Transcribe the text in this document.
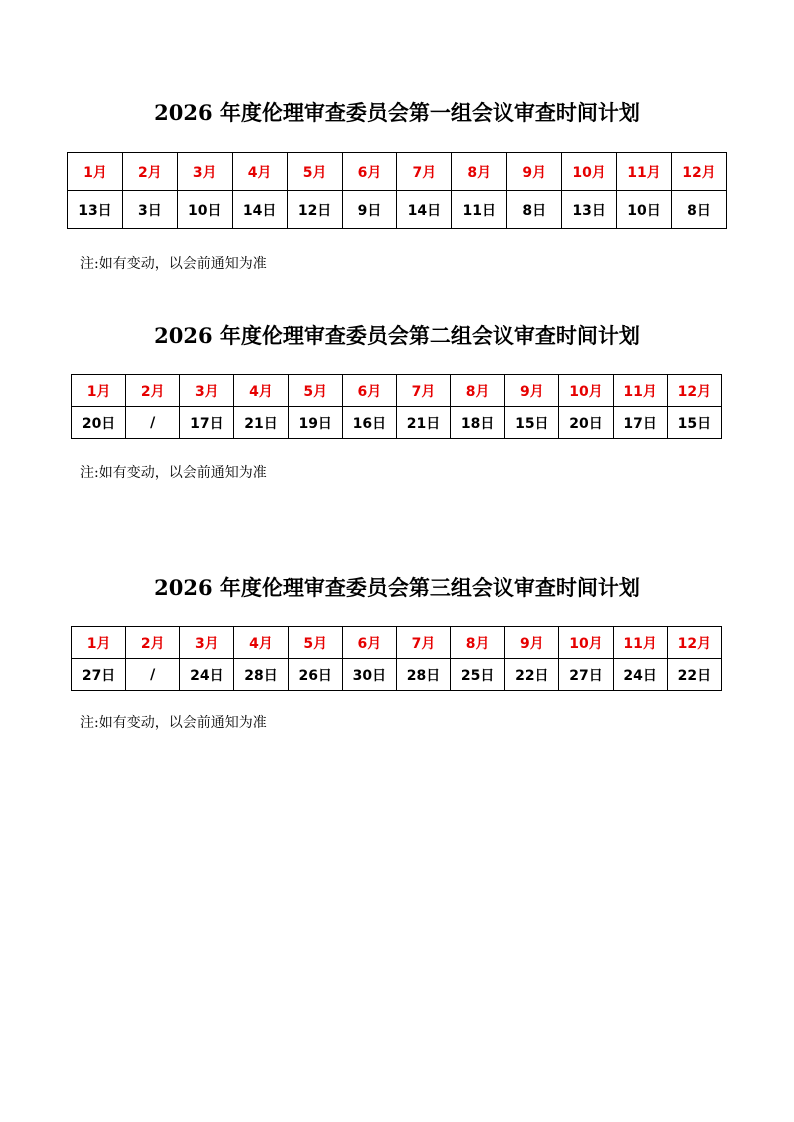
2026 年度伦理审查委员会第一组会议审查时间计划
1月	2月	3月	4月	5月	6月	7月	8月	9月	10月	11月	12月
13日	3日	10日	14日	12日	9日	14日	11日	8日	13日	10日	8日
注:如有变动，以会前通知为准
2026 年度伦理审查委员会第二组会议审查时间计划
1月	2月	3月	4月	5月	6月	7月	8月	9月	10月	11月	12月
20日	/	17日	21日	19日	16日	21日	18日	15日	20日	17日	15日
注:如有变动，以会前通知为准
2026 年度伦理审查委员会第三组会议审查时间计划
1月	2月	3月	4月	5月	6月	7月	8月	9月	10月	11月	12月
27日	/	24日	28日	26日	30日	28日	25日	22日	27日	24日	22日
注:如有变动，以会前通知为准
